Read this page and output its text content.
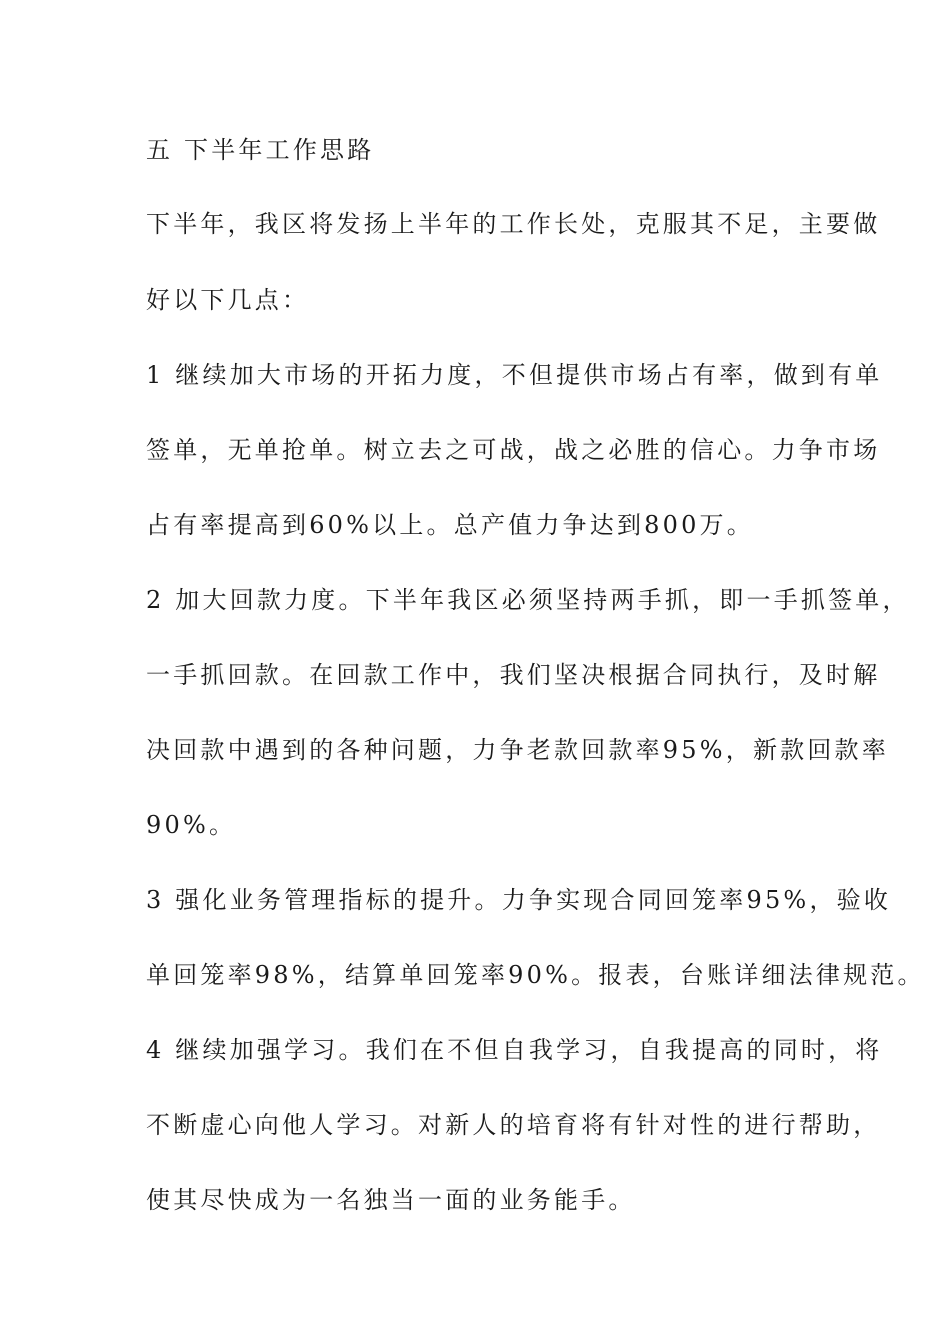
五 下半年工作思路
下半年，我区将发扬上半年的工作长处，克服其不足，主要做
好以下几点：
1 继续加大市场的开拓力度，不但提供市场占有率，做到有单
签单，无单抢单。树立去之可战，战之必胜的信心。力争市场
占有率提高到60%以上。总产值力争达到800万。
2 加大回款力度。下半年我区必须坚持两手抓，即一手抓签单，
一手抓回款。在回款工作中，我们坚决根据合同执行，及时解
决回款中遇到的各种问题，力争老款回款率95%，新款回款率
90%。
3 强化业务管理指标的提升。力争实现合同回笼率95%，验收
单回笼率98%，结算单回笼率90%。报表，台账详细法律规范。
4 继续加强学习。我们在不但自我学习，自我提高的同时，将
不断虚心向他人学习。对新人的培育将有针对性的进行帮助，
使其尽快成为一名独当一面的业务能手。
